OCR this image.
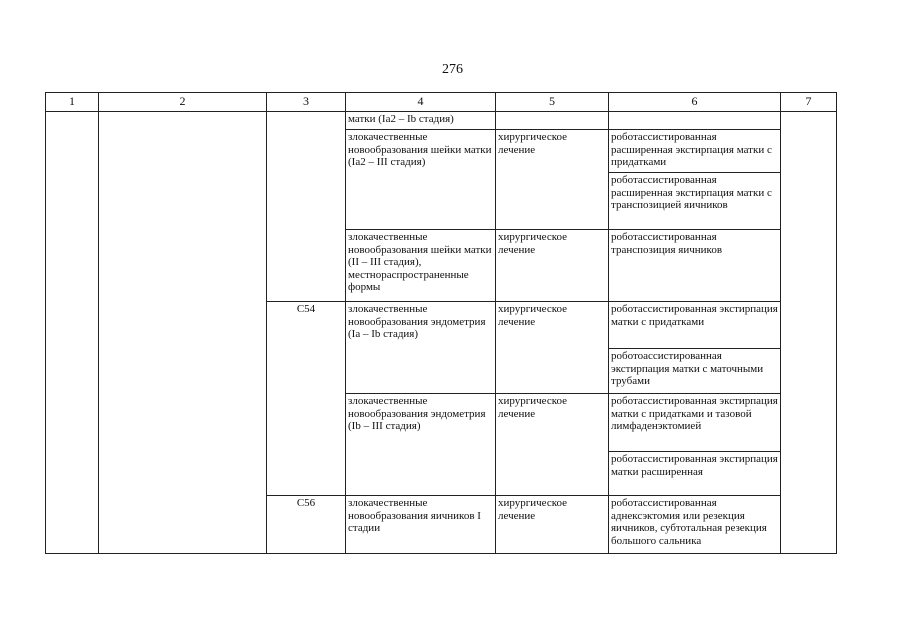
276
1	2	3	4	5	6	7
			матки (Ia2 – Ib стадия)			
			злокачественные новообразования шейки матки (Ia2 – III стадия)	хирургическое лечение	роботассистированная расширенная экстирпация матки с придатками	
					роботассистированная расширенная экстирпация матки с транспозицией яичников	
			злокачественные новообразования шейки матки (II – III стадия), местнораспространенные формы	хирургическое лечение	роботассистированная транспозиция яичников	
		C54	злокачественные новообразования эндометрия (Ia – Ib стадия)	хирургическое лечение	роботассистированная экстирпация матки с придатками	
					роботоассистированная экстирпация матки с маточными трубами	
			злокачественные новообразования эндометрия (Ib – III стадия)	хирургическое лечение	роботассистированная экстирпация матки с придатками и тазовой лимфаденэктомией	
					роботассистированная экстирпация матки расширенная	
		C56	злокачественные новообразования яичников I стадии	хирургическое лечение	роботассистированная аднексэктомия или резекция яичников, субтотальная резекция большого сальника	
